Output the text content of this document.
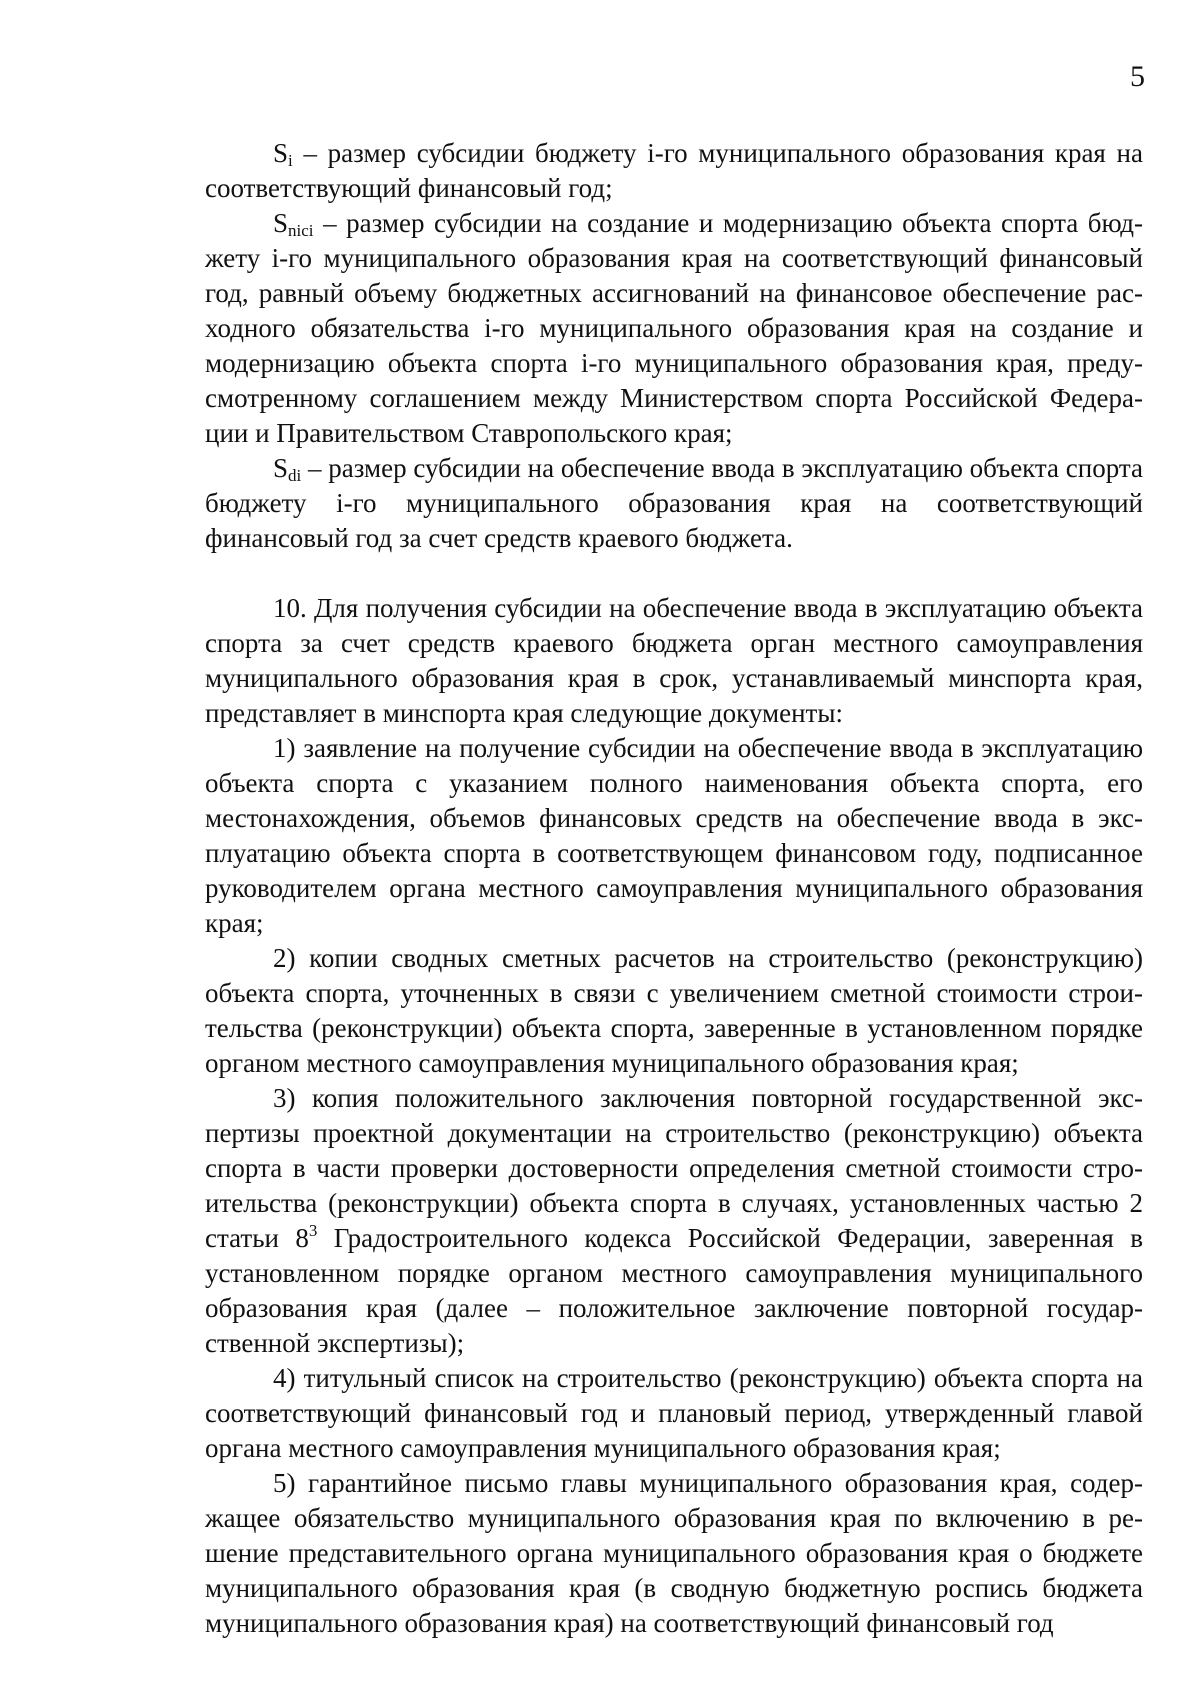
5

$S_i$ – размер субсидии бюджету i-го муниципального образования края на соответствующий финансовый год;

$S_{nici}$ – размер субсидии на создание и модернизацию объекта спорта бюджету i-го муниципального образования края на соответствующий финансовый год, равный объему бюджетных ассигнований на финансовое обеспечение расходного обязательства i-го муниципального образования края на создание и модернизацию объекта спорта i-го муниципального образования края, предусмотренному соглашением между Министерством спорта Российской Федерации и Правительством Ставропольского края;

$S_{di}$ – размер субсидии на обеспечение ввода в эксплуатацию объекта спорта бюджету i-го муниципального образования края на соответствующий финансовый год за счет средств краевого бюджета.

10. Для получения субсидии на обеспечение ввода в эксплуатацию объекта спорта за счет средств краевого бюджета орган местного самоуправления муниципального образования края в срок, устанавливаемый минспорта края, представляет в минспорта края следующие документы:

1) заявление на получение субсидии на обеспечение ввода в эксплуатацию объекта спорта с указанием полного наименования объекта спорта, его местонахождения, объемов финансовых средств на обеспечение ввода в эксплуатацию объекта спорта в соответствующем финансовом году, подписанное руководителем органа местного самоуправления муниципального образования края;

2) копии сводных сметных расчетов на строительство (реконструкцию) объекта спорта, уточненных в связи с увеличением сметной стоимости строительства (реконструкции) объекта спорта, заверенные в установленном порядке органом местного самоуправления муниципального образования края;

3) копия положительного заключения повторной государственной экспертизы проектной документации на строительство (реконструкцию) объекта спорта в части проверки достоверности определения сметной стоимости строительства (реконструкции) объекта спорта в случаях, установленных частью 2 статьи $8^3$ Градостроительного кодекса Российской Федерации, заверенная в установленном порядке органом местного самоуправления муниципального образования края (далее – положительное заключение повторной государственной экспертизы);

4) титульный список на строительство (реконструкцию) объекта спорта на соответствующий финансовый год и плановый период, утвержденный главой органа местного самоуправления муниципального образования края;

5) гарантийное письмо главы муниципального образования края, содержащее обязательство муниципального образования края по включению в решение представительного органа муниципального образования края о бюджете муниципального образования края (в сводную бюджетную роспись бюджета муниципального образования края) на соответствующий финансовый год
